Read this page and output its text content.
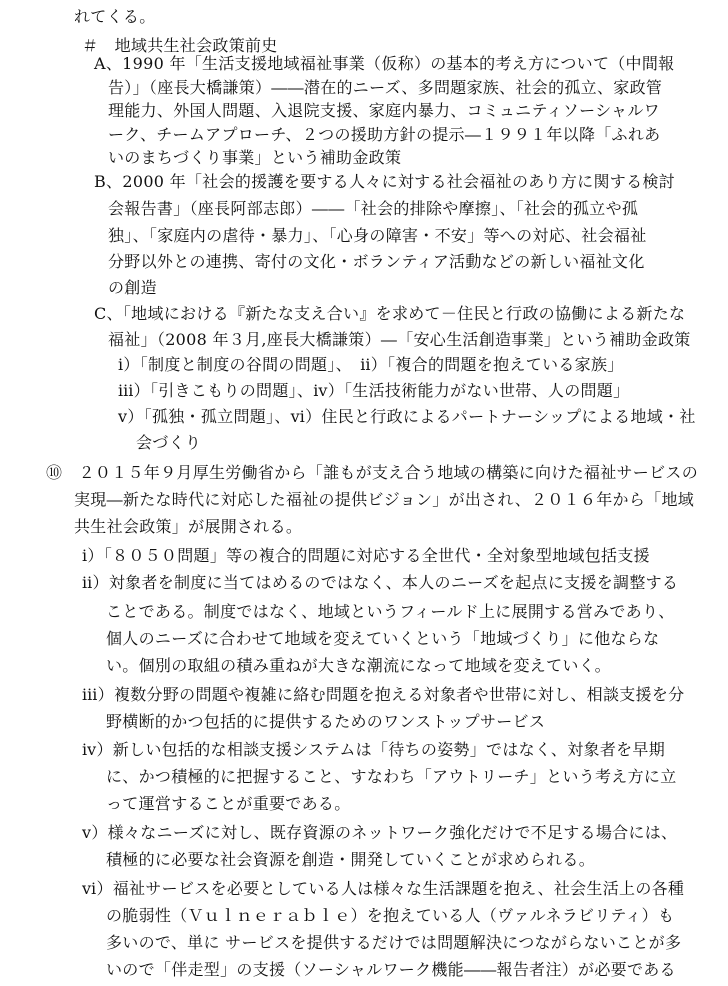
れてくる。
＃　地域共生社会政策前史
A、1990 年「生活支援地域福祉事業（仮称）の基本的考え方について（中間報
告）」（座長大橋謙策）――潜在的ニーズ、多問題家族、社会的孤立、家政管
理能力、外国人問題、入退院支援、家庭内暴力、コミュニティソーシャルワ
ーク、チームアプローチ、２つの援助方針の提示―１９９１年以降「ふれあ
いのまちづくり事業」という補助金政策
B、2000 年「社会的援護を要する人々に対する社会福祉のあり方に関する検討
会報告書」（座長阿部志郎）――「社会的排除や摩擦」、「社会的孤立や孤
独」、「家庭内の虐待・暴力」、「心身の障害・不安」等への対応、社会福祉
分野以外との連携、寄付の文化・ボランティア活動などの新しい福祉文化
の創造
C、「地域における『新たな支え合い』を求めて－住民と行政の協働による新たな
福祉」（2008 年３月,座長大橋謙策）―「安心生活創造事業」という補助金政策
ⅰ）「制度と制度の谷間の問題」、　ⅱ）「複合的問題を抱えている家族」
ⅲ）「引きこもりの問題」、ⅳ）「生活技術能力がない世帯、人の問題」
ⅴ）「孤独・孤立問題」、ⅵ）住民と行政によるパートナーシップによる地域・社
会づくり
⑩　２０１５年９月厚生労働省から「誰もが支え合う地域の構築に向けた福祉サービスの
実現―新たな時代に対応した福祉の提供ビジョン」が出され、２０１６年から「地域
共生社会政策」が展開される。
ⅰ）「８０５０問題」等の複合的問題に対応する全世代・全対象型地域包括支援
ⅱ）対象者を制度に当てはめるのではなく、本人のニーズを起点に支援を調整する
ことである。制度ではなく、地域というフィールド上に展開する営みであり、
個人のニーズに合わせて地域を変えていくという「地域づくり」に他ならな
い。個別の取組の積み重ねが大きな潮流になって地域を変えていく。
ⅲ）複数分野の問題や複雑に絡む問題を抱える対象者や世帯に対し、相談支援を分
野横断的かつ包括的に提供するためのワンストップサービス
ⅳ）新しい包括的な相談支援システムは「待ちの姿勢」ではなく、対象者を早期
に、かつ積極的に把握すること、すなわち「アウトリーチ」という考え方に立
って運営することが重要である。
ⅴ）様々なニーズに対し、既存資源のネットワーク強化だけで不足する場合には、
積極的に必要な社会資源を創造・開発していくことが求められる。
ⅵ）福祉サービスを必要としている人は様々な生活課題を抱え、社会生活上の各種
の脆弱性（Ｖｕｌｎｅｒａｂｌｅ）を抱えている人（ヴァルネラビリティ）も
多いので、単に サービスを提供するだけでは問題解決につながらないことが多
いので「伴走型」の支援（ソーシャルワーク機能――報告者注）が必要である
